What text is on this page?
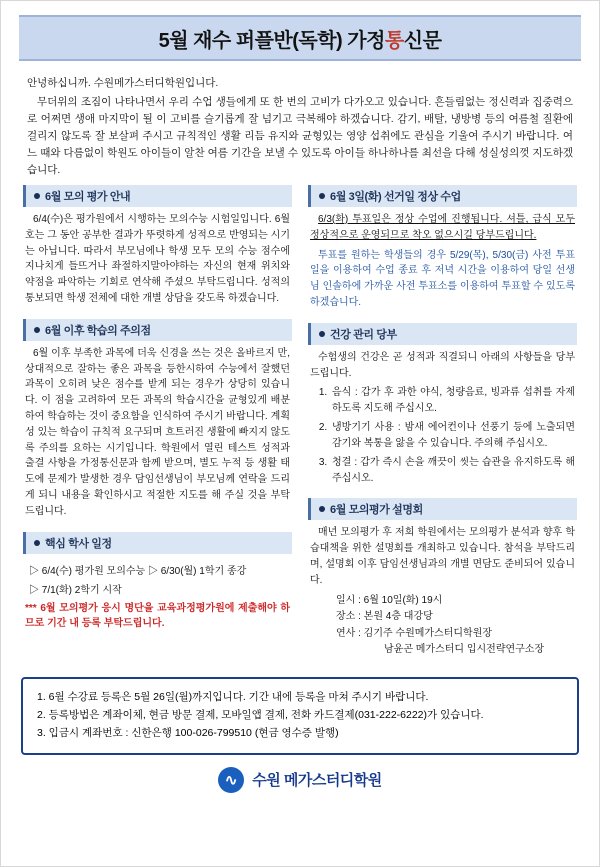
5월 재수 퍼플반(독학) 가정통신문

안녕하십니까. 수원메가스터디학원입니다.

무더위의 조짐이 나타나면서 우리 수업 생들에게 또 한 번의 고비가 다가오고 있습니다. 흔들림없는 정신력과 집중력으로 어쩌면 생애 마지막이 될 이 고비를 슬기롭게 잘 넘기고 극복해야 하겠습니다. 감기, 배탈, 냉방병 등의 여름철 질환에 걸리지 않도록 잘 보살펴 주시고 규칙적인 생활 리듬 유지와 균형있는 영양 섭취에도 관심을 기울여 주시기 바랍니다. 여느 때와 다름없이 학원도 아이들이 알찬 여름 기간을 보낼 수 있도록 아이들 하나하나를 최선을 다해 성실성의껏 지도하겠습니다.

6월 모의 평가 안내

6/4(수)은 평가원에서 시행하는 모의수능 시험일입니다. 6월호는 그 동안 공부한 결과가 뚜렷하게 성적으로 반영되는 시기는 아닙니다. 따라서 부모님에나 학생 모두 모의 수능 점수에 지나치게 들뜨거나 좌절하지말아야하는 자신의 현재 위치와 약점을 파악하는 기회로 연삭해 주셨으 부탁드립니다. 성적의 통보되면 학생 전체에 대한 개별 상담을 갖도록 하겠습니다.

6월 이후 학습의 주의점

6월 이후 부족한 과목에 더욱 신경을 쓰는 것은 올바르지 만, 상대적으로 잘하는 좋은 과목을 등한시하여 수능에서 잘했던 과목이 오히려 낮은 점수를 받게 되는 경우가 상당히 있습니다. 이 점을 고려하여 모든 과목의 학습시간을 균형있게 배분하여 학습하는 것이 중요함을 인식하여 주시기 바랍니다. 계획성 있는 학습이 규칙적 요구되며 흐트러진 생활에 빠지지 않도록 주의를 요하는 시기입니다. 학원에서 열린 테스트 성적과 출결 사항을 가정통신문과 함께 받으며, 별도 누적 등 생활 태도에 문제가 발생한 경우 담임선생님이 부모님께 연락을 드리게 되니 내용을 확인하시고 적절한 지도를 해 주실 것을 부탁드립니다.

핵심 학사 일정
▷ 6/4(수) 평가원 모의수능 ▷ 6/30(월) 1학기 종강
▷ 7/1(화) 2학기 시작

*** 6월 모의평가 응시 명단을 교육과정평가원에 제출해야 하므로 기간 내 등록 부탁드립니다.

6월 3일(화) 선거일 정상 수업

6/3(화) 투표일은 정상 수업에 진행됩니다. 셔틀, 급식 모두 정상적으로 운영되므로 착오 없으시길 당부드립니다.

투표를 원하는 학생들의 경우 5/29(목), 5/30(금) 사전 투표일을 이용하여 수업 종료 후 저녁 시간을 이용하여 당일 선생님 인솔하에 가까운 사전 투표소를 이용하여 투표할 수 있도록 하겠습니다.

건강 관리 당부

수험생의 건강은 곧 성적과 직결되니 아래의 사항들을 당부드립니다.

1. 음식 : 갑가 후 과한 야식, 청량음료, 빙과류 섭취를 자제하도록 지도해 주십시오.
2. 냉방기기 사용 : 밤새 에어컨이나 선풍기 등에 노출되면 감기와 복통을 앓을 수 있습니다. 주의해 주십시오.
3. 청결 : 갑가 즉시 손을 깨끗이 씻는 습관을 유지하도록 해 주십시오.
6월 모의평가 설명회

매년 모의평가 후 저희 학원에서는 모의평가 분석과 향후 학습대책을 위한 설명회를 개최하고 있습니다. 참석을 부탁드리며, 설명회 이후 담임선생님과의 개별 면담도 준비되어 있습니다.

일시 : 6월 10일(화) 19시
장소 : 본원 4층 대강당
연사 : 김기주 수원메가스터디학원장
남윤곤 메가스터디 입시전략연구소장
1. 6월 수강료 등록은 5월 26일(월)까지입니다. 기간 내에 등록을 마쳐 주시기 바랍니다.
2. 등록방법은 계좌이체, 현금 방문 결제, 모바일앱 결제, 전화 카드결제(031-222-6222)가 있습니다.
3. 입금시 계좌번호 : 신한은행 100-026-799510 (현금 영수증 발행)
∿ 수원 메가스터디학원
